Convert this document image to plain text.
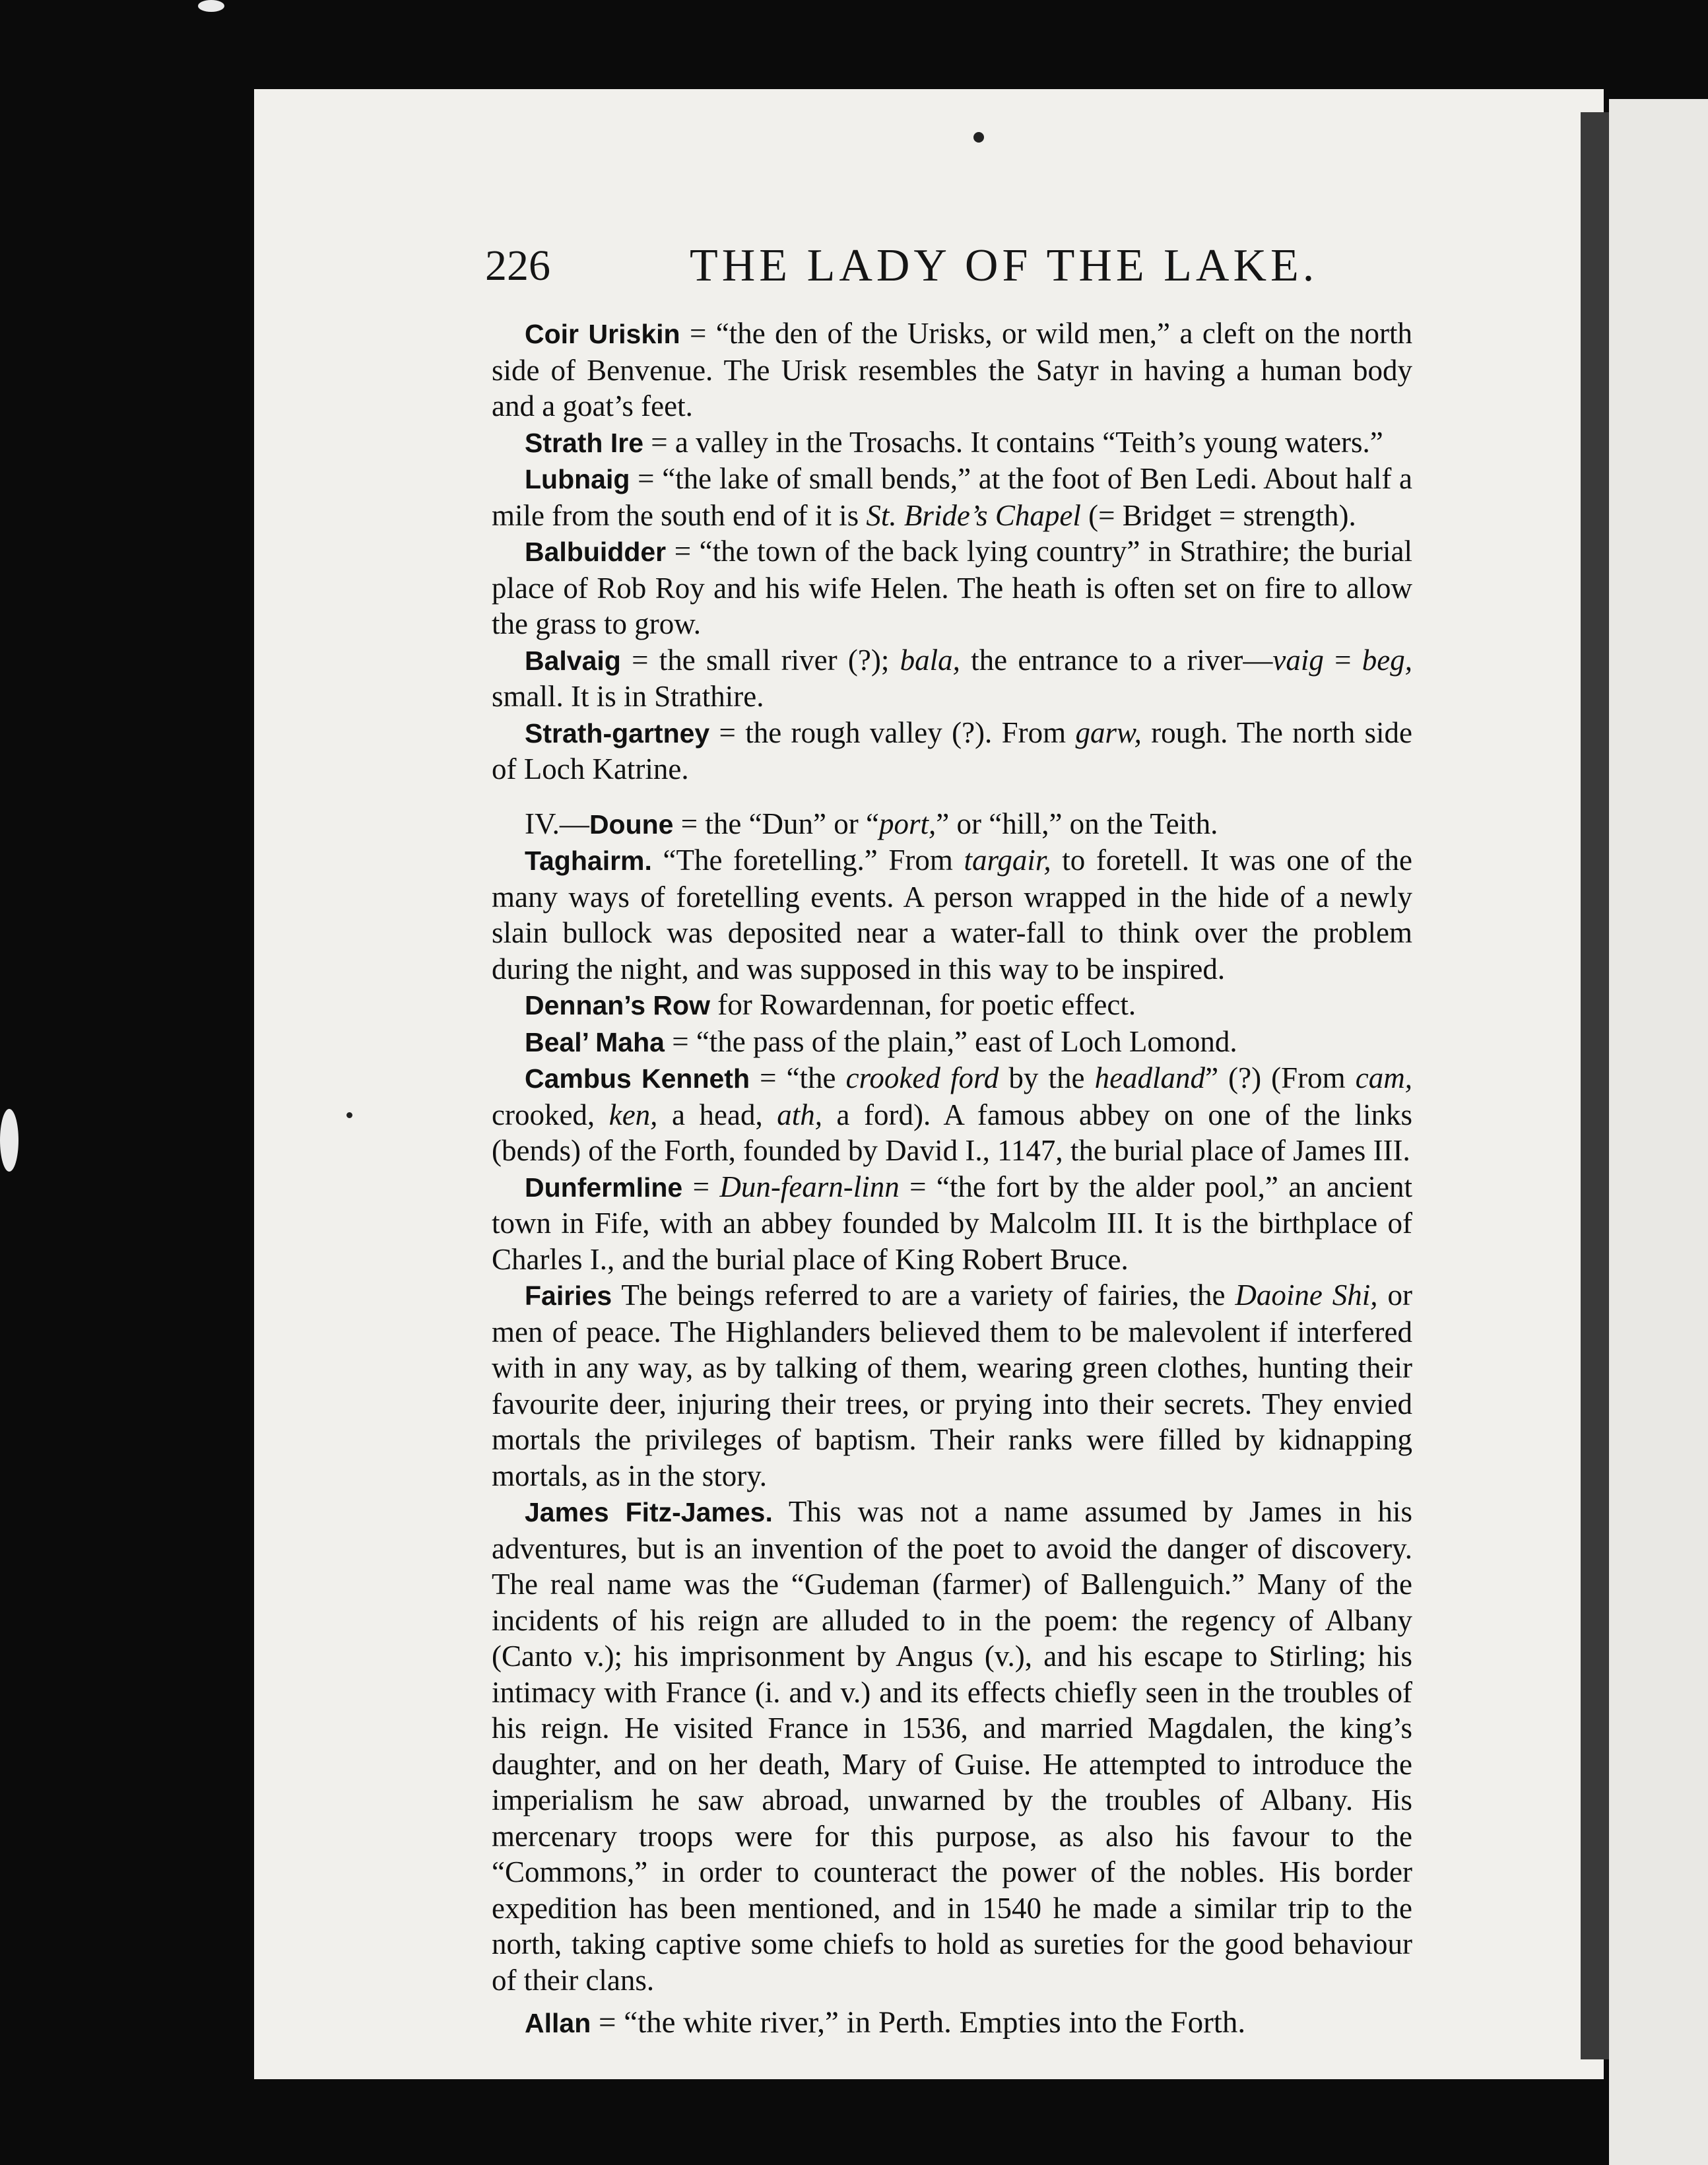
226	THE LADY OF THE LAKE.

Coir Uriskin = “the den of the Urisks, or wild men,” a cleft on the north side of Benvenue. The Urisk resembles the Satyr in having a human body and a goat’s feet.

Strath Ire = a valley in the Trosachs. It contains “Teith’s young waters.”

Lubnaig = “the lake of small bends,” at the foot of Ben Ledi. About half a mile from the south end of it is St. Bride’s Chapel (= Bridget = strength).

Balbuidder = “the town of the back lying country” in Strathire; the burial place of Rob Roy and his wife Helen. The heath is often set on fire to allow the grass to grow.

Balvaig = the small river (?); bala, the entrance to a river—vaig = beg, small. It is in Strathire.

Strath-gartney = the rough valley (?). From garw, rough. The north side of Loch Katrine.

IV.—Doune = the “Dun” or “port,” or “hill,” on the Teith.

Taghairm. “The foretelling.” From targair, to foretell. It was one of the many ways of foretelling events. A person wrapped in the hide of a newly slain bullock was deposited near a water-fall to think over the problem during the night, and was supposed in this way to be inspired.

Dennan’s Row for Rowardennan, for poetic effect.

Beal’ Maha = “the pass of the plain,” east of Loch Lomond.

Cambus Kenneth = “the crooked ford by the headland” (?) (From cam, crooked, ken, a head, ath, a ford). A famous abbey on one of the links (bends) of the Forth, founded by David I., 1147, the burial place of James III.

Dunfermline = Dun-fearn-linn = “the fort by the alder pool,” an ancient town in Fife, with an abbey founded by Malcolm III. It is the birthplace of Charles I., and the burial place of King Robert Bruce.

Fairies The beings referred to are a variety of fairies, the Daoine Shi, or men of peace. The Highlanders believed them to be malevolent if interfered with in any way, as by talking of them, wearing green clothes, hunting their favourite deer, injuring their trees, or prying into their secrets. They envied mortals the privileges of baptism. Their ranks were filled by kidnapping mortals, as in the story.

James Fitz-James. This was not a name assumed by James in his adventures, but is an invention of the poet to avoid the danger of discovery. The real name was the “Gudeman (farmer) of Ballenguich.” Many of the incidents of his reign are alluded to in the poem: the regency of Albany (Canto v.); his imprisonment by Angus (v.), and his escape to Stirling; his intimacy with France (i. and v.) and its effects chiefly seen in the troubles of his reign. He visited France in 1536, and married Magdalen, the king’s daughter, and on her death, Mary of Guise. He attempted to introduce the imperialism he saw abroad, unwarned by the troubles of Albany. His mercenary troops were for this purpose, as also his favour to the “Commons,” in order to counteract the power of the nobles. His border expedition has been mentioned, and in 1540 he made a similar trip to the north, taking captive some chiefs to hold as sureties for the good behaviour of their clans.

Allan = “the white river,” in Perth. Empties into the Forth.
